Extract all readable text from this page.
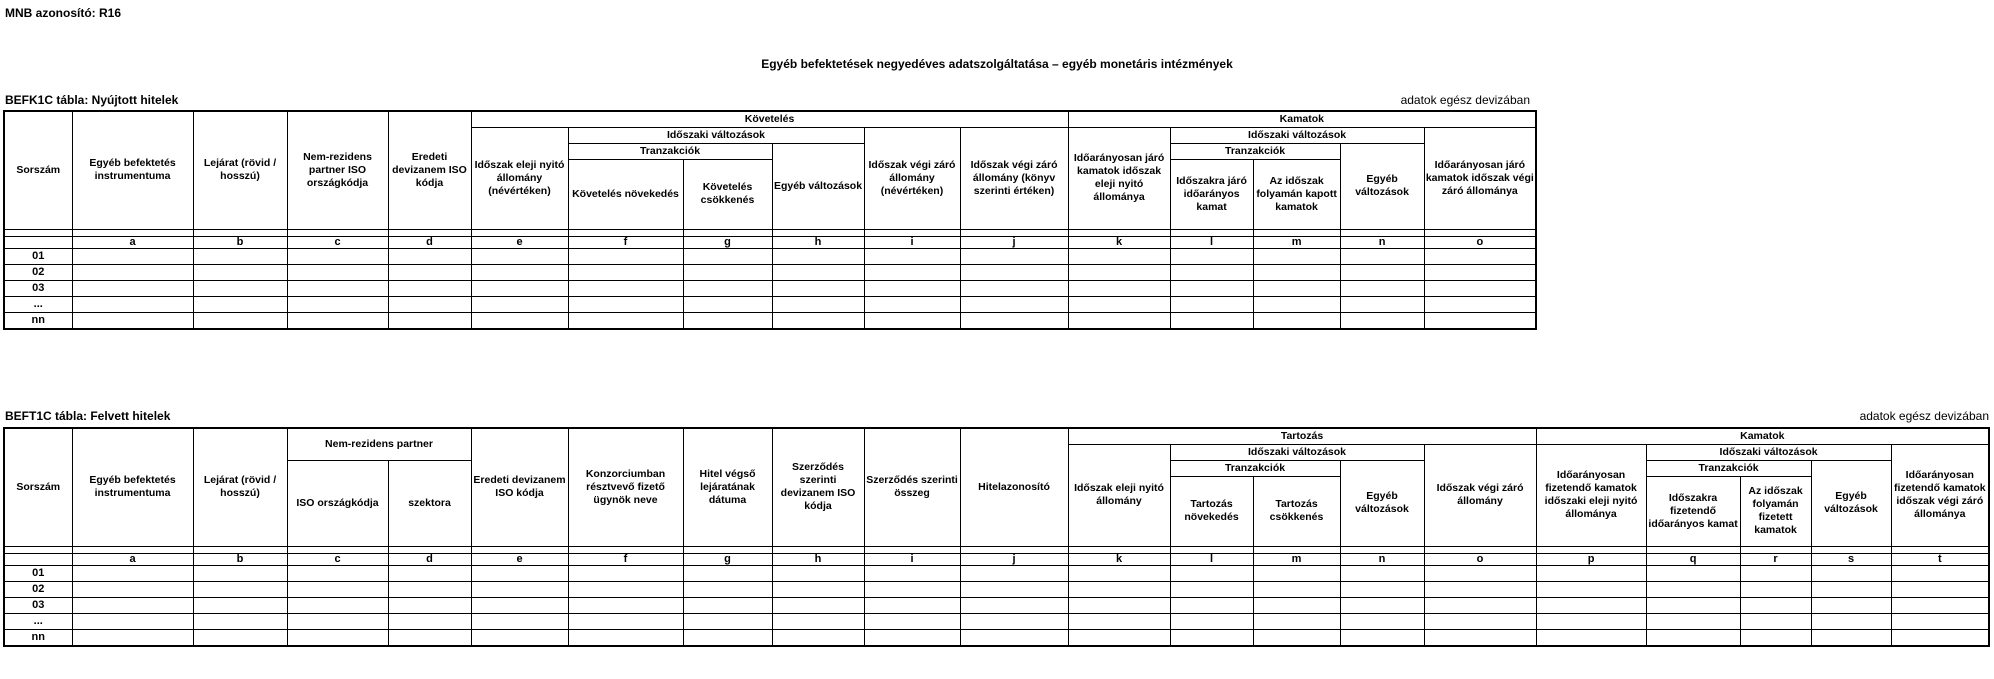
MNB azonosító: R16
Egyéb befektetések negyedéves adatszolgáltatása – egyéb monetáris intézmények
BEFK1C tábla: Nyújtott hitelek	adatok egész devizában
Sorszám	Egyéb befektetés instrumentuma	Lejárat (rövid / hosszú)	Nem-rezidens partner ISO országkódja	Eredeti devizanem ISO kódja	Követelés						Kamatok				
					Időszak eleji nyitó állomány (névértéken)	Időszaki változások			Időszak végi záró állomány (névértéken)	Időszak végi záró állomány (könyv szerinti értéken)	Időarányosan járó kamatok időszak eleji nyitó állománya	Időszaki változások			Időarányosan járó kamatok időszak végi záró állománya
						Tranzakciók		Egyéb változások				Tranzakciók		Egyéb változások	
						Követelés növekedés	Követelés csökkenés					Időszakra járó időarányos kamat	Az időszak folyamán kapott kamatok		

	a	b	c	d	e	f	g	h	i	j	k	l	m	n	o
01															
02															
03															
...															
nn															
BEFT1C tábla: Felvett hitelek	adatok egész devizában
Sorszám	Egyéb befektetés instrumentuma	Lejárat (rövid / hosszú)	Nem-rezidens partner		Eredeti devizanem ISO kódja	Konzorciumban résztvevő fizető ügynök neve	Hitel végső lejáratának dátuma	Szerződés szerinti devizanem ISO kódja	Szerződés szerinti összeg	Hitelazonosító	Tartozás					Kamatok				
											Időszak eleji nyitó állomány	Időszaki változások			Időszak végi záró állomány	Időarányosan fizetendő kamatok időszaki eleji nyitó állománya	Időszaki változások			Időarányosan fizetendő kamatok időszak végi záró állománya
			ISO országkódja	szektora								Tranzakciók		Egyéb változások			Tranzakciók		Egyéb változások	
												Tartozás növekedés	Tartozás csökkenés				Időszakra fizetendő időarányos kamat	Az időszak folyamán fizetett kamatok		

	a	b	c	d	e	f	g	h	i	j	k	l	m	n	o	p	q	r	s	t
01																				
02																				
03																				
...																				
nn																				
